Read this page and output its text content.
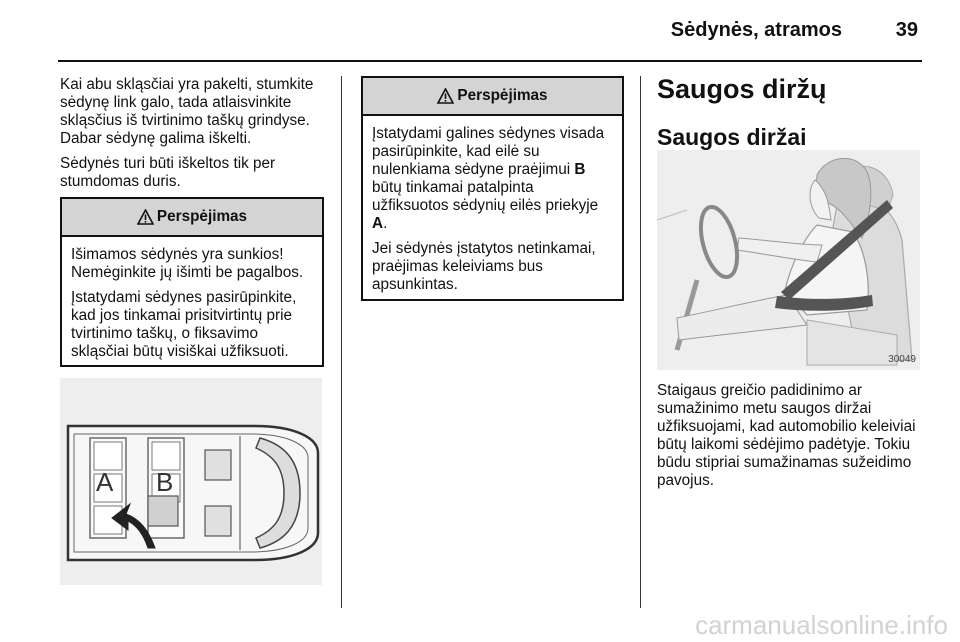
Sėdynės, atramos	39

Kai abu skląsčiai yra pakelti, stumkite sėdynę link galo, tada atlaisvinkite skląsčius iš tvirtinimo taškų grindyse. Dabar sėdynę galima iškelti.

Sėdynės turi būti iškeltos tik per stumdomas duris.

Perspėjimas

Išimamos sėdynės yra sunkios! Nemėginkite jų išimti be pagalbos.

Įstatydami sėdynes pasirūpinkite, kad jos tinkamai prisitvirtintų prie tvirtinimo taškų, o fiksavimo skląsčiai būtų visiškai užfiksuoti.

A B
Perspėjimas

Įstatydami galines sėdynes visada pasirūpinkite, kad eilė su nulenkiama sėdyne praėjimui B būtų tinkamai patalpinta užfiksuotos sėdynių eilės priekyje A.

Jei sėdynės įstatytos netinkamai, praėjimas keleiviams bus apsunkintas.

Saugos diržų
Saugos diržai
30049

Staigaus greičio padidinimo ar sumažinimo metu saugos diržai užfiksuojami, kad automobilio keleiviai būtų laikomi sėdėjimo padėtyje. Tokiu būdu stipriai sumažinamas sužeidimo pavojus.

carmanualsonline.info
